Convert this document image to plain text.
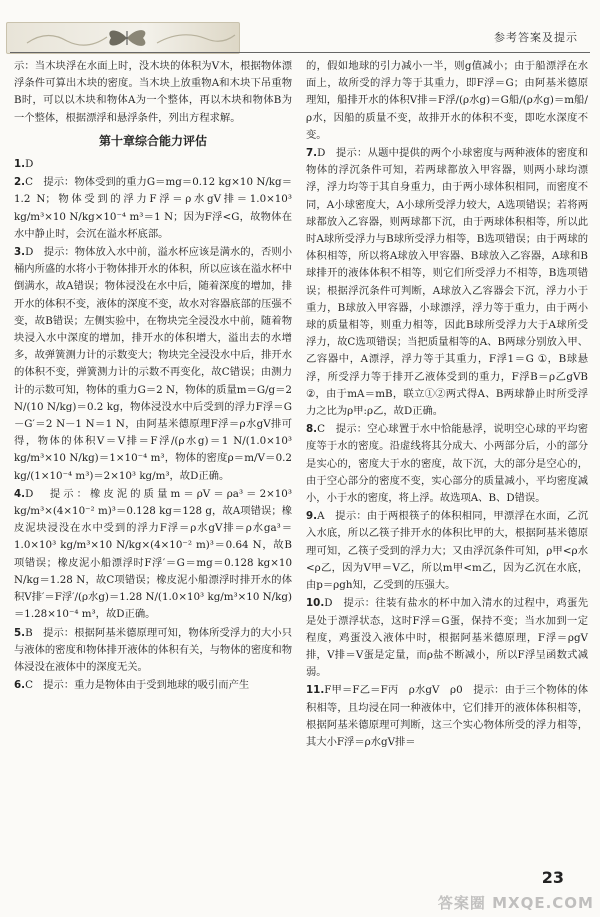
参考答案及提示

示：当木块浮在水面上时，没木块的体积为V木，根据物体漂浮条件可算出木块的密度。当木块上放重物A和木块下吊重物B时，可以以木块和物体A为一个整体，再以木块和物体B为一个整体，根据漂浮和悬浮条件，列出方程求解。

第十章综合能力评估

1.D

2.C　提示：物体受到的重力G＝mg＝0.12 kg×10 N/kg＝1.2 N；物体受到的浮力F浮＝ρ水gV排＝1.0×10³ kg/m³×10 N/kg×10⁻⁴ m³＝1 N；因为F浮<G，故物体在水中静止时，会沉在溢水杯底部。

3.D　提示：物体放入水中前，溢水杯应该是满水的，否则小桶内所盛的水将小于物体排开水的体积，所以应该在溢水杯中倒满水，故A错误；物体浸没在水中后，随着深度的增加，排开水的体积不变，液体的深度不变，故水对容器底部的压强不变，故B错误；左侧实验中，在物块完全浸没水中前，随着物块浸入水中深度的增加，排开水的体积增大，溢出去的水增多，故弹簧测力计的示数变大；物块完全浸没水中后，排开水的体积不变，弹簧测力计的示数不再变化，故C错误；由测力计的示数可知，物体的重力G＝2 N，物体的质量m＝G/g＝2 N/(10 N/kg)＝0.2 kg，物体浸没水中后受到的浮力F浮＝G－G′＝2 N－1 N＝1 N，由阿基米德原理F浮＝ρ水gV排可得，物体的体积V＝V排＝F浮/(ρ水g)＝1 N/(1.0×10³ kg/m³×10 N/kg)＝1×10⁻⁴ m³，物体的密度ρ＝m/V＝0.2 kg/(1×10⁻⁴ m³)＝2×10³ kg/m³，故D正确。

4.D　提示：橡皮泥的质量m＝ρV＝ρa³＝2×10³ kg/m³×(4×10⁻² m)³＝0.128 kg＝128 g，故A项错误；橡皮泥块浸没在水中受到的浮力F浮＝ρ水gV排＝ρ水ga³＝1.0×10³ kg/m³×10 N/kg×(4×10⁻² m)³＝0.64 N，故B项错误；橡皮泥小船漂浮时F浮′＝G＝mg＝0.128 kg×10 N/kg＝1.28 N，故C项错误；橡皮泥小船漂浮时排开水的体积V排′＝F浮′/(ρ水g)＝1.28 N/(1.0×10³ kg/m³×10 N/kg)＝1.28×10⁻⁴ m³，故D正确。

5.B　提示：根据阿基米德原理可知，物体所受浮力的大小只与液体的密度和物体排开液体的体积有关，与物体的密度和物体浸没在液体中的深度无关。

6.C　提示：重力是物体由于受到地球的吸引而产生

的，假如地球的引力减小一半，则g值减小；由于船漂浮在水面上，故所受的浮力等于其重力，即F浮＝G；由阿基米德原理知，船排开水的体积V排＝F浮/(ρ水g)＝G船/(ρ水g)＝m船/ρ水，因船的质量不变，故排开水的体积不变，即吃水深度不变。

7.D　提示：从题中提供的两个小球密度与两种液体的密度和物体的浮沉条件可知，若两球都放入甲容器，则两小球均漂浮，浮力均等于其自身重力，由于两小球体积相同，而密度不同，A小球密度大，A小球所受浮力较大，A选项错误；若将两球都放入乙容器，则两球都下沉，由于两球体积相等，所以此时A球所受浮力与B球所受浮力相等，B选项错误；由于两球的体积相等，所以将A球放入甲容器、B球放入乙容器，A球和B球排开的液体体积不相等，则它们所受浮力不相等，B选项错误；根据浮沉条件可判断，A球放入乙容器会下沉，浮力小于重力，B球放入甲容器，小球漂浮，浮力等于重力，由于两小球的质量相等，则重力相等，因此B球所受浮力大于A球所受浮力，故C选项错误；当把质量相等的A、B两球分别放入甲、乙容器中，A漂浮，浮力等于其重力，F浮1＝G ①，B球悬浮，所受浮力等于排开乙液体受到的重力，F浮B＝ρ乙gVB ②，由于mA＝mB，联立①②两式得A、B两球静止时所受浮力之比为ρ甲:ρ乙，故D正确。

8.C　提示：空心球置于水中恰能悬浮，说明空心球的平均密度等于水的密度。沿虚线将其分成大、小两部分后，小的部分是实心的，密度大于水的密度，故下沉，大的部分是空心的，由于空心部分的密度不变，实心部分的质量减小，平均密度减小，小于水的密度，将上浮。故选项A、B、D错误。

9.A　提示：由于两根筷子的体积相同，甲漂浮在水面，乙沉入水底，所以乙筷子排开水的体积比甲的大，根据阿基米德原理可知，乙筷子受到的浮力大；又由浮沉条件可知，ρ甲<ρ水<ρ乙，因为V甲＝V乙，所以m甲<m乙，因为乙沉在水底，由p＝ρgh知，乙受到的压强大。

10.D　提示：往装有盐水的杯中加入清水的过程中，鸡蛋先是处于漂浮状态，这时F浮＝G蛋，保持不变；当水加到一定程度，鸡蛋没入液体中时，根据阿基米德原理，F浮＝ρgV排，V排＝V蛋是定量，而ρ盐不断减小，所以F浮呈函数式减弱。

11.F甲＝F乙＝F丙　ρ水gV　ρ0　提示：由于三个物体的体积相等，且均浸在同一种液体中，它们排开的液体体积相等，根据阿基米德原理可判断，这三个实心物体所受的浮力相等，其大小F浮＝ρ水gV排＝

23
答案圈 MXQE.COM
